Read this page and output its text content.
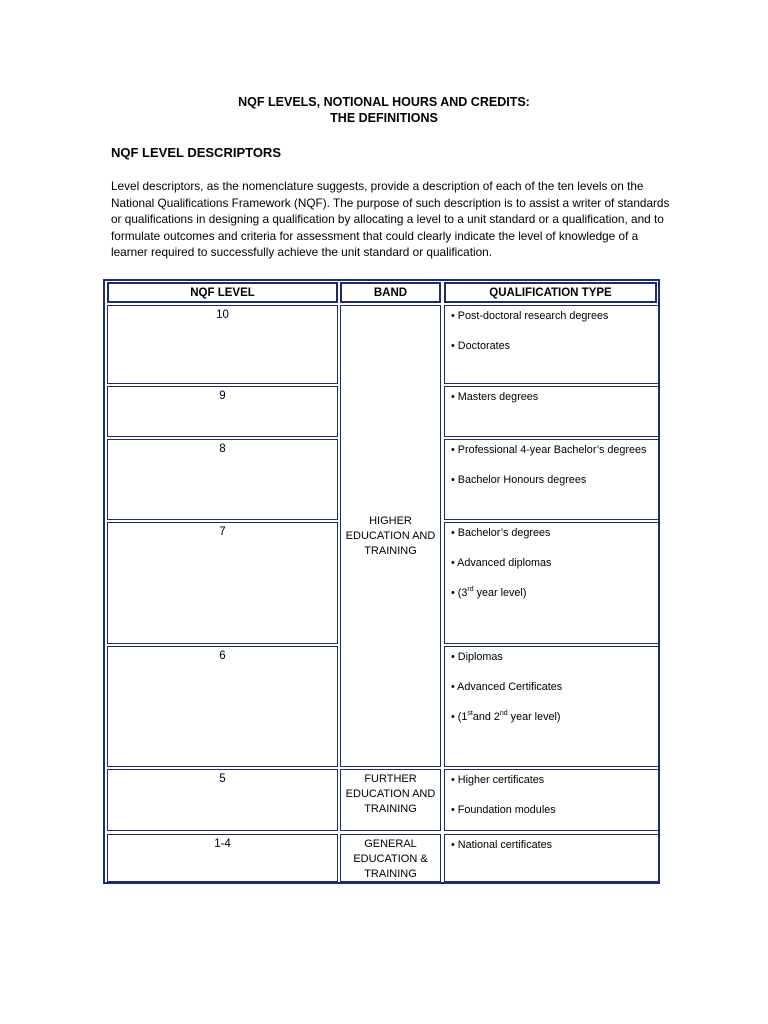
NQF LEVELS, NOTIONAL HOURS AND CREDITS:
THE DEFINITIONS
NQF LEVEL DESCRIPTORS
Level descriptors, as the nomenclature suggests, provide a description of each of the ten levels on the
National Qualifications Framework (NQF). The purpose of such description is to assist a writer of standards
or qualifications in designing a qualification by allocating a level to a unit standard or a qualification, and to
formulate outcomes and criteria for assessment that could clearly indicate the level of knowledge of a
learner required to successfully achieve the unit standard or qualification.
NQF LEVEL	BAND	QUALIFICATION TYPE
10
9
8
7
6
5
1-4
HIGHER
EDUCATION AND
TRAINING
FURTHER
EDUCATION AND
TRAINING
GENERAL
EDUCATION &
TRAINING
• Post-doctoral research degrees
• Doctorates
• Masters degrees
• Professional 4-year Bachelor’s degrees
• Bachelor Honours degrees
• Bachelor’s degrees
• Advanced diplomas
• (3rd year level)
• Diplomas
• Advanced Certificates
• (1stand 2nd year level)
• Higher certificates
• Foundation modules
• National certificates
